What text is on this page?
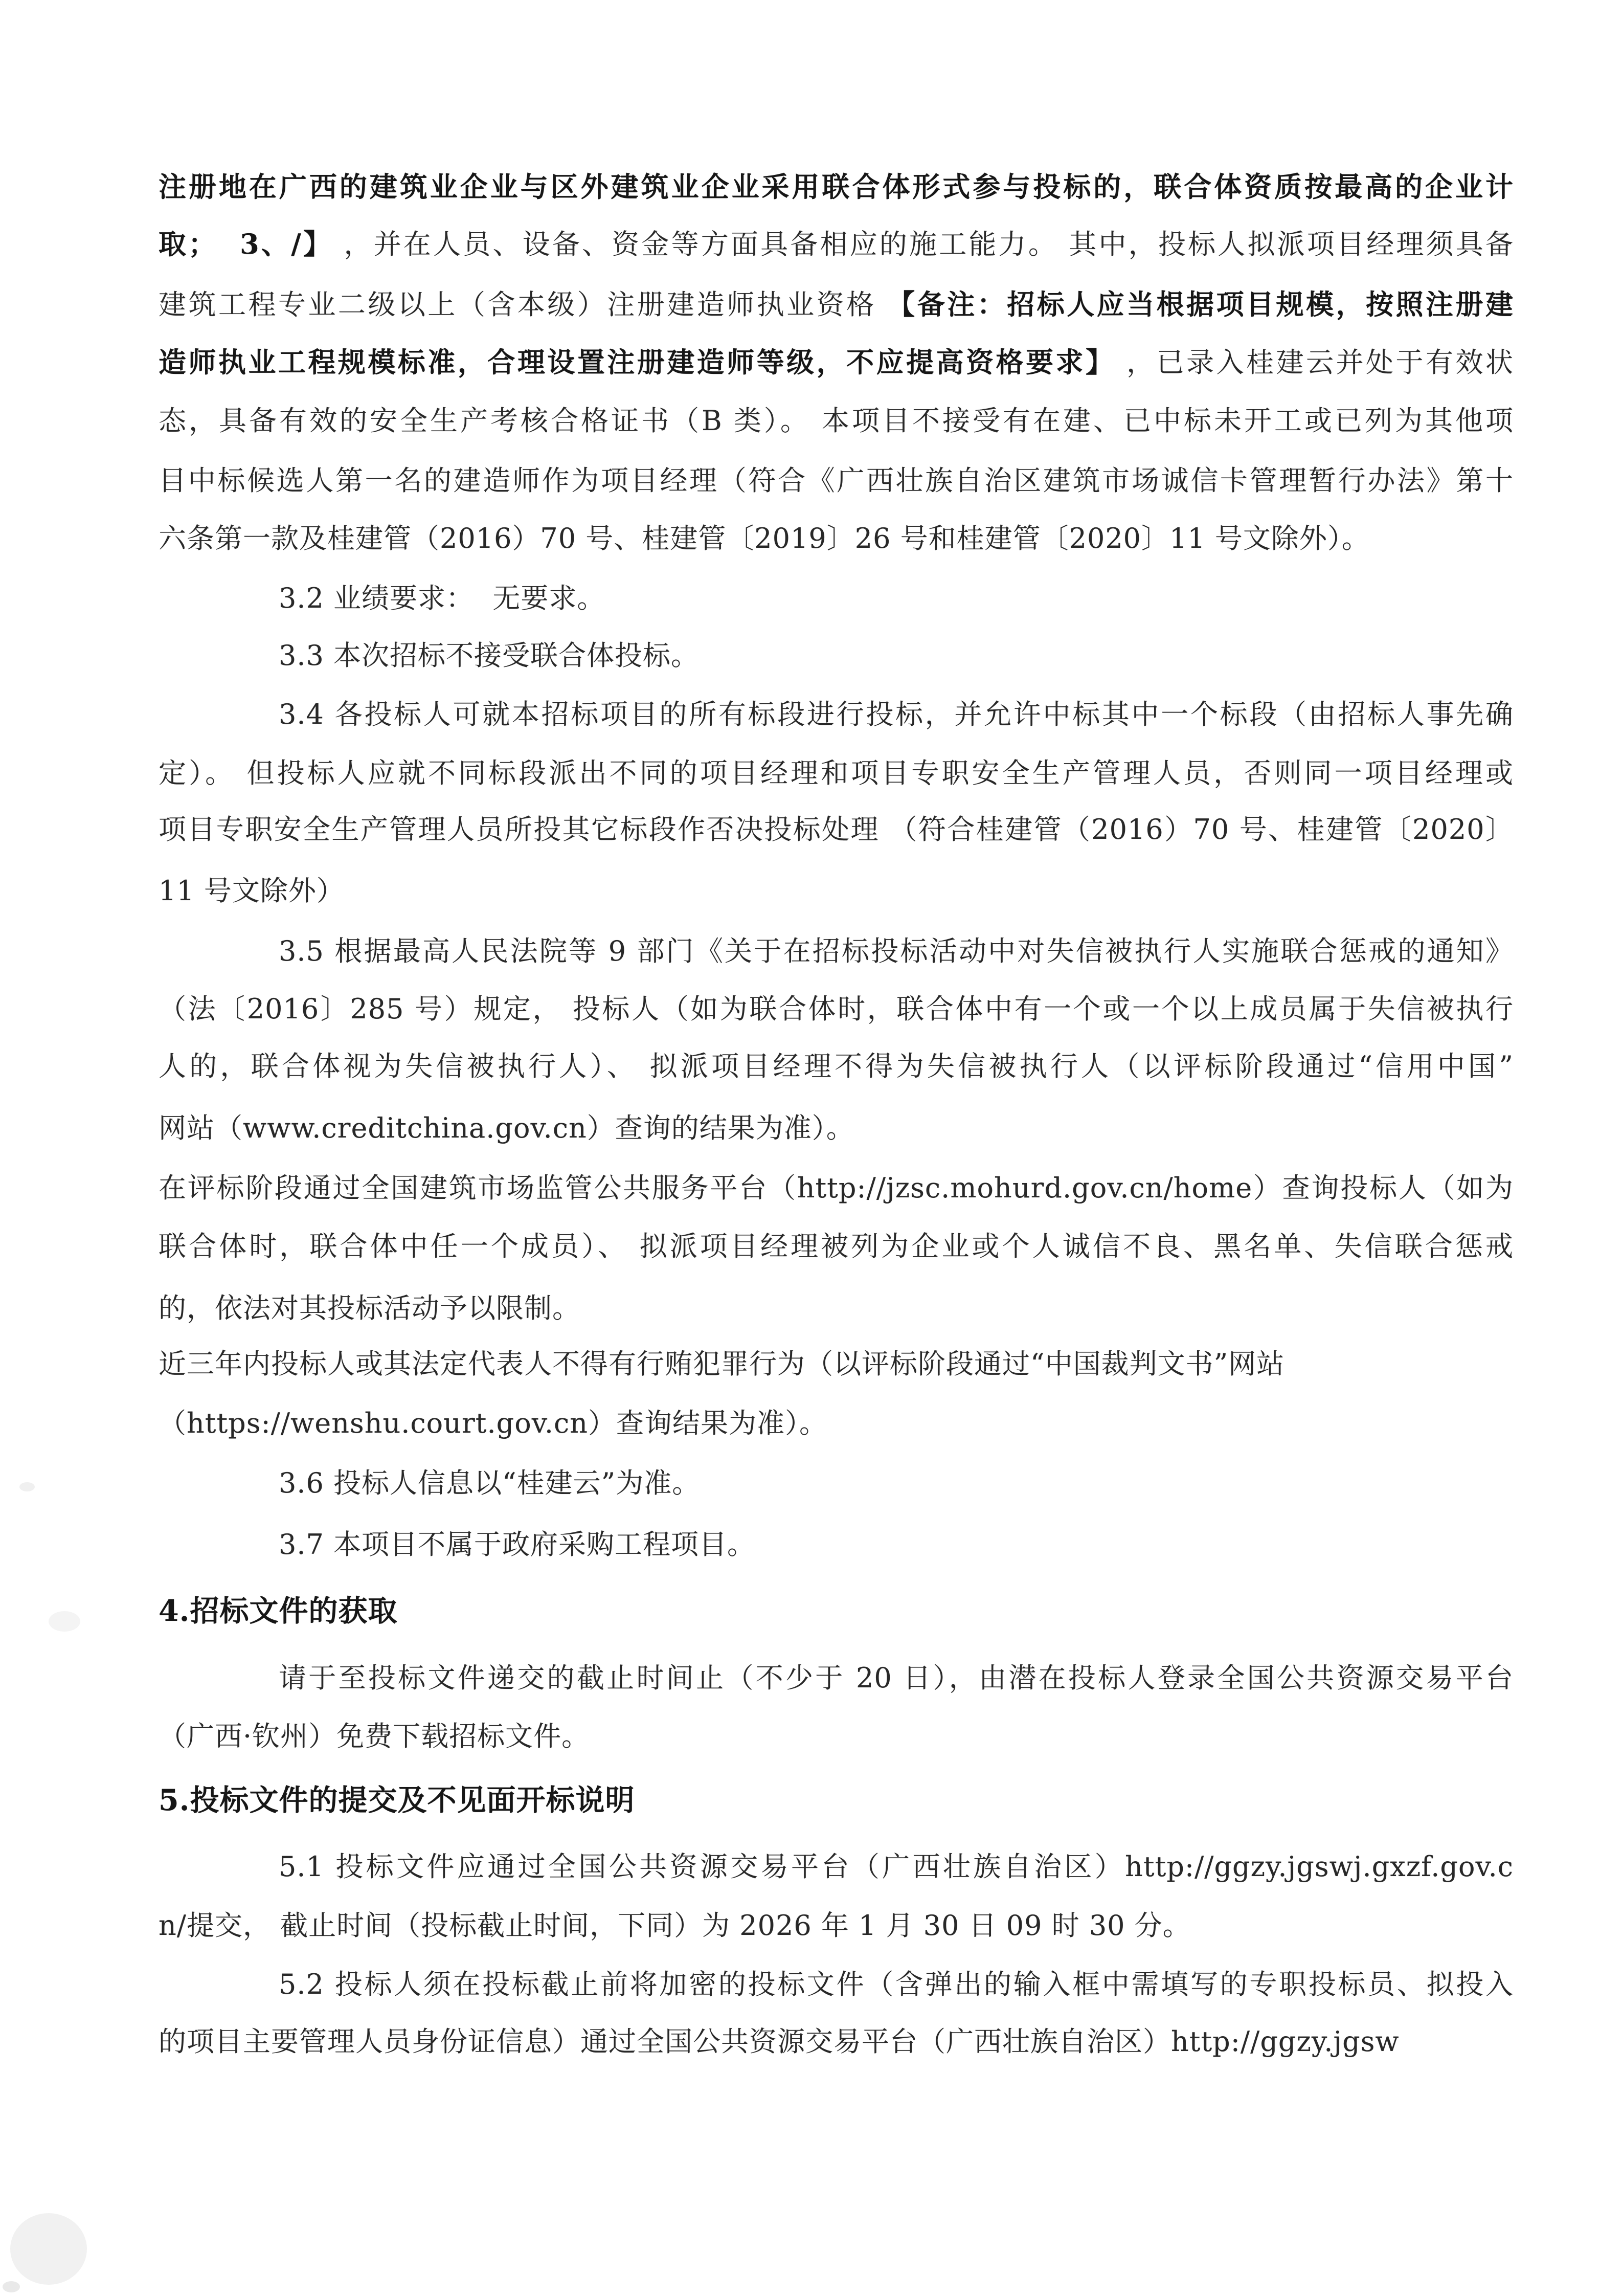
注册地在广西的建筑业企业与区外建筑业企业采用联合体形式参与投标的，联合体资质按最高的企业计
取；  3、/】 ，并在人员、设备、资金等方面具备相应的施工能力。 其中，投标人拟派项目经理须具备
建筑工程专业二级以上（含本级）注册建造师执业资格 【备注：招标人应当根据项目规模，按照注册建
造师执业工程规模标准，合理设置注册建造师等级，不应提高资格要求】 ，已录入桂建云并处于有效状
态，具备有效的安全生产考核合格证书（B 类）。 本项目不接受有在建、已中标未开工或已列为其他项
目中标候选人第一名的建造师作为项目经理（符合《广西壮族自治区建筑市场诚信卡管理暂行办法》第十
六条第一款及桂建管（2016）70 号、桂建管〔2019〕26 号和桂建管〔2020〕11 号文除外）。
3.2 业绩要求：  无要求。
3.3 本次招标不接受联合体投标。
3.4 各投标人可就本招标项目的所有标段进行投标，并允许中标其中一个标段（由招标人事先确
定）。 但投标人应就不同标段派出不同的项目经理和项目专职安全生产管理人员，否则同一项目经理或
项目专职安全生产管理人员所投其它标段作否决投标处理 （符合桂建管（2016）70 号、桂建管〔2020〕
11 号文除外）
3.5 根据最高人民法院等 9 部门《关于在招标投标活动中对失信被执行人实施联合惩戒的通知》
（法〔2016〕285 号）规定， 投标人（如为联合体时，联合体中有一个或一个以上成员属于失信被执行
人的，联合体视为失信被执行人）、 拟派项目经理不得为失信被执行人（以评标阶段通过“信用中国”
网站（www.creditchina.gov.cn）查询的结果为准）。
在评标阶段通过全国建筑市场监管公共服务平台（http://jzsc.mohurd.gov.cn/home）查询投标人（如为
联合体时，联合体中任一个成员）、 拟派项目经理被列为企业或个人诚信不良、黑名单、失信联合惩戒
的，依法对其投标活动予以限制。
近三年内投标人或其法定代表人不得有行贿犯罪行为（以评标阶段通过“中国裁判文书”网站
（https://wenshu.court.gov.cn）查询结果为准）。
3.6 投标人信息以“桂建云”为准。
3.7 本项目不属于政府采购工程项目。
4.招标文件的获取
请于至投标文件递交的截止时间止（不少于 20 日），由潜在投标人登录全国公共资源交易平台
（广西·钦州）免费下载招标文件。
5.投标文件的提交及不见面开标说明
5.1 投标文件应通过全国公共资源交易平台（广西壮族自治区）http://ggzy.jgswj.gxzf.gov.c
n/提交， 截止时间（投标截止时间，下同）为 2026 年 1 月 30 日 09 时 30 分。
5.2 投标人须在投标截止前将加密的投标文件（含弹出的输入框中需填写的专职投标员、拟投入
的项目主要管理人员身份证信息）通过全国公共资源交易平台（广西壮族自治区）http://ggzy.jgsw
